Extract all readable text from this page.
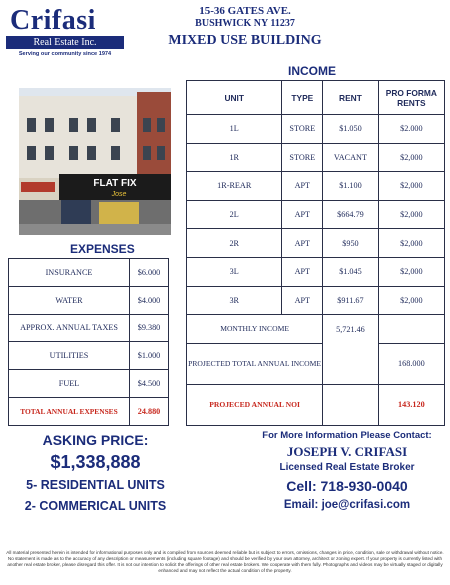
Crifasi
Real Estate Inc.
Serving our community since 1974
15-36 GATES AVE.
BUSHWICK NY 11237
MIXED USE BUILDING
FLAT FIX
Jose
INCOME
UNIT	TYPE	RENT	PRO FORMA RENTS
1L	STORE	$1.050	$2.000
1R	STORE	VACANT	$2,000
1R-REAR	APT	$1.100	$2,000
2L	APT	$664.79	$2,000
2R	APT	$950	$2,000
3L	APT	$1.045	$2,000
3R	APT	$911.67	$2,000
MONTHLY INCOME		5,721.46	
PROJECTED TOTAL ANNUAL INCOME			168.000
PROJECED ANNUAL NOI			143.120
EXPENSES
INSURANCE	$6.000
WATER	$4.000
APPROX. ANNUAL TAXES	$9.380
UTILITIES	$1.000
FUEL	$4.500
TOTAL ANNUAL EXPENSES	24.880
ASKING PRICE:
$1,338,888
5- RESIDENTIAL UNITS
2- COMMERICAL UNITS
For More Information Please Contact:
JOSEPH V. CRIFASI
Licensed Real Estate Broker
Cell: 718-930-0040
Email: joe@crifasi.com
All material presented herein is intended for informational purposes only and is compiled from sources deemed reliable but is subject to errors, omissions, changes in price, condition, sale or withdrawal without notice. No statement is made as to the accuracy of any description or measurements (including square footage) and should be verified by your own attorney, architect or zoning expert. If your property is currently listed with another real estate broker, please disregard this offer. It is not our intention to solicit the offerings of other real estate brokers. We cooperate with them fully. Photographs and videos may be virtually staged or digitally enhanced and may not reflect the actual condition of the property.
